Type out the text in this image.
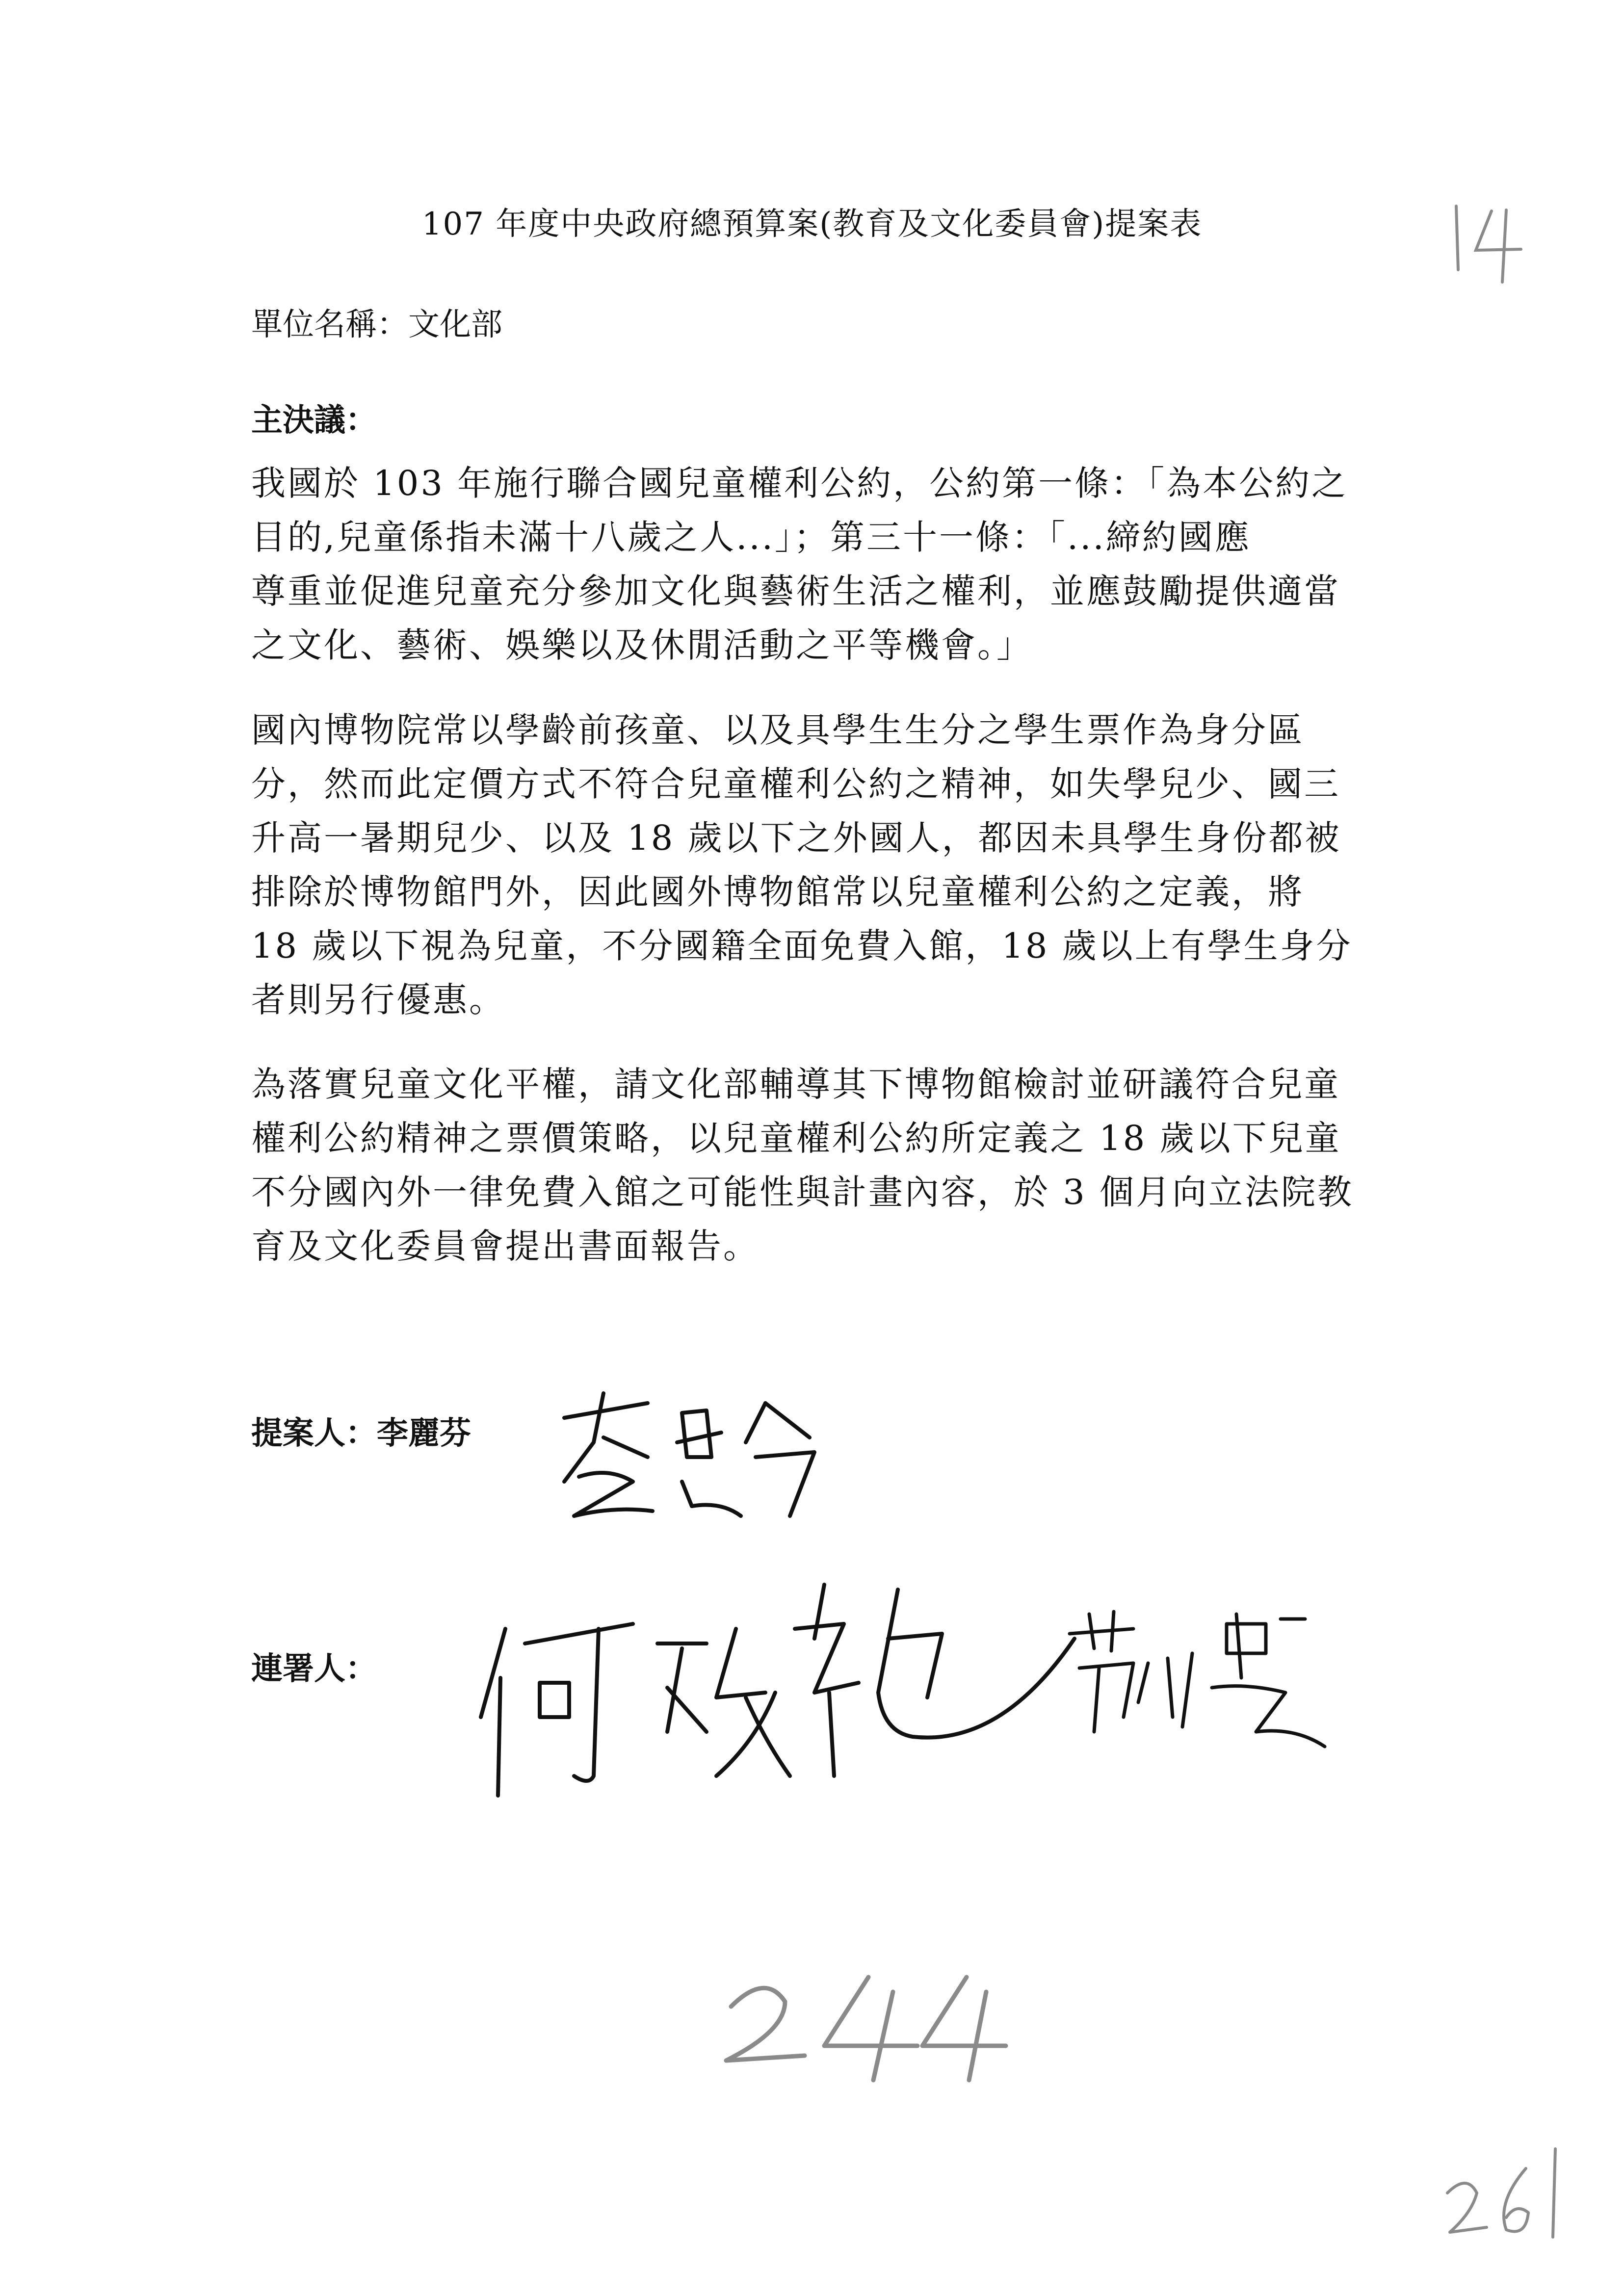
107 年度中央政府總預算案(教育及文化委員會)提案表
單位名稱：文化部
主決議：

我國於 103 年施行聯合國兒童權利公約，公約第一條：「為本公約之

目的,兒童係指未滿十八歲之人...」；第三十一條：「...締約國應

尊重並促進兒童充分參加文化與藝術生活之權利，並應鼓勵提供適當

之文化、藝術、娛樂以及休閒活動之平等機會。」

國內博物院常以學齡前孩童、以及具學生生分之學生票作為身分區

分，然而此定價方式不符合兒童權利公約之精神，如失學兒少、國三

升高一暑期兒少、以及 18 歲以下之外國人，都因未具學生身份都被

排除於博物館門外，因此國外博物館常以兒童權利公約之定義，將

18 歲以下視為兒童，不分國籍全面免費入館，18 歲以上有學生身分

者則另行優惠。

為落實兒童文化平權，請文化部輔導其下博物館檢討並研議符合兒童

權利公約精神之票價策略，以兒童權利公約所定義之 18 歲以下兒童

不分國內外一律免費入館之可能性與計畫內容，於 3 個月向立法院教

育及文化委員會提出書面報告。

提案人：李麗芬
連署人：
